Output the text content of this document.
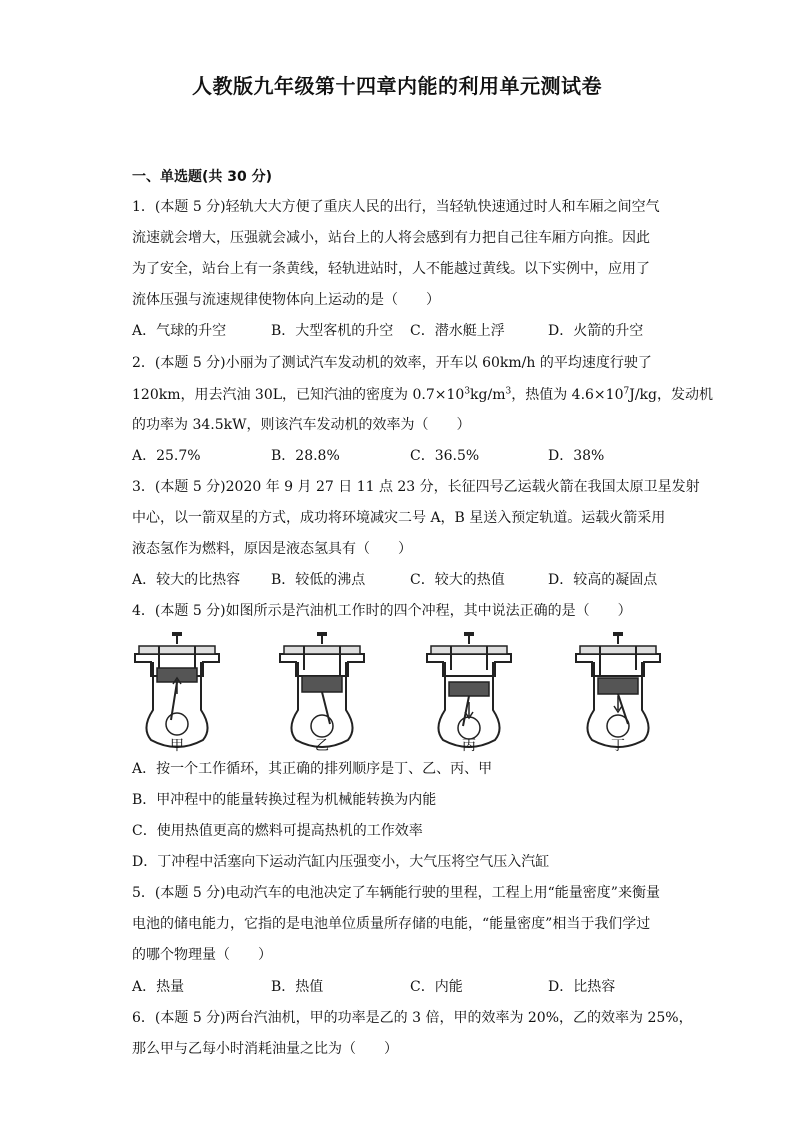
人教版九年级第十四章内能的利用单元测试卷
一、单选题(共 30 分)
1．(本题 5 分)轻轨大大方便了重庆人民的出行，当轻轨快速通过时人和车厢之间空气
流速就会增大，压强就会减小，站台上的人将会感到有力把自己往车厢方向推。因此
为了安全，站台上有一条黄线，轻轨进站时，人不能越过黄线。以下实例中，应用了
流体压强与流速规律使物体向上运动的是（　　）
A．气球的升空	B．大型客机的升空 C．潜水艇上浮	D．火箭的升空
2．(本题 5 分)小丽为了测试汽车发动机的效率，开车以 60km/h 的平均速度行驶了
120km，用去汽油 30L，已知汽油的密度为 $0.7\times 10^3kg/m^3$，热值为 $4.6\times 10^7J/kg$，发动机
的功率为 34.5kW，则该汽车发动机的效率为（　　）
A．25.7%	B．28.8%	C．36.5%	D．38%
3．(本题 5 分)2020 年 9 月 27 日 11 点 23 分，长征四号乙运载火箭在我国太原卫星发射
中心，以一箭双星的方式，成功将环境减灾二号 A，B 星送入预定轨道。运载火箭采用
液态氢作为燃料，原因是液态氢具有（　　）
A．较大的比热容 B．较低的沸点	C．较大的热值	D．较高的凝固点
4．(本题 5 分)如图所示是汽油机工作时的四个冲程，其中说法正确的是（　　）
甲	乙	丙	丁
A．按一个工作循环，其正确的排列顺序是丁、乙、丙、甲
B．甲冲程中的能量转换过程为机械能转换为内能
C．使用热值更高的燃料可提高热机的工作效率
D．丁冲程中活塞向下运动汽缸内压强变小，大气压将空气压入汽缸
5．(本题 5 分)电动汽车的电池决定了车辆能行驶的里程，工程上用“能量密度”来衡量
电池的储电能力，它指的是电池单位质量所存储的电能，“能量密度”相当于我们学过
的哪个物理量（　　）
A．热量	B．热值	C．内能	D．比热容
6．(本题 5 分)两台汽油机，甲的功率是乙的 3 倍，甲的效率为 20%，乙的效率为 25%，
那么甲与乙每小时消耗油量之比为（　　）
